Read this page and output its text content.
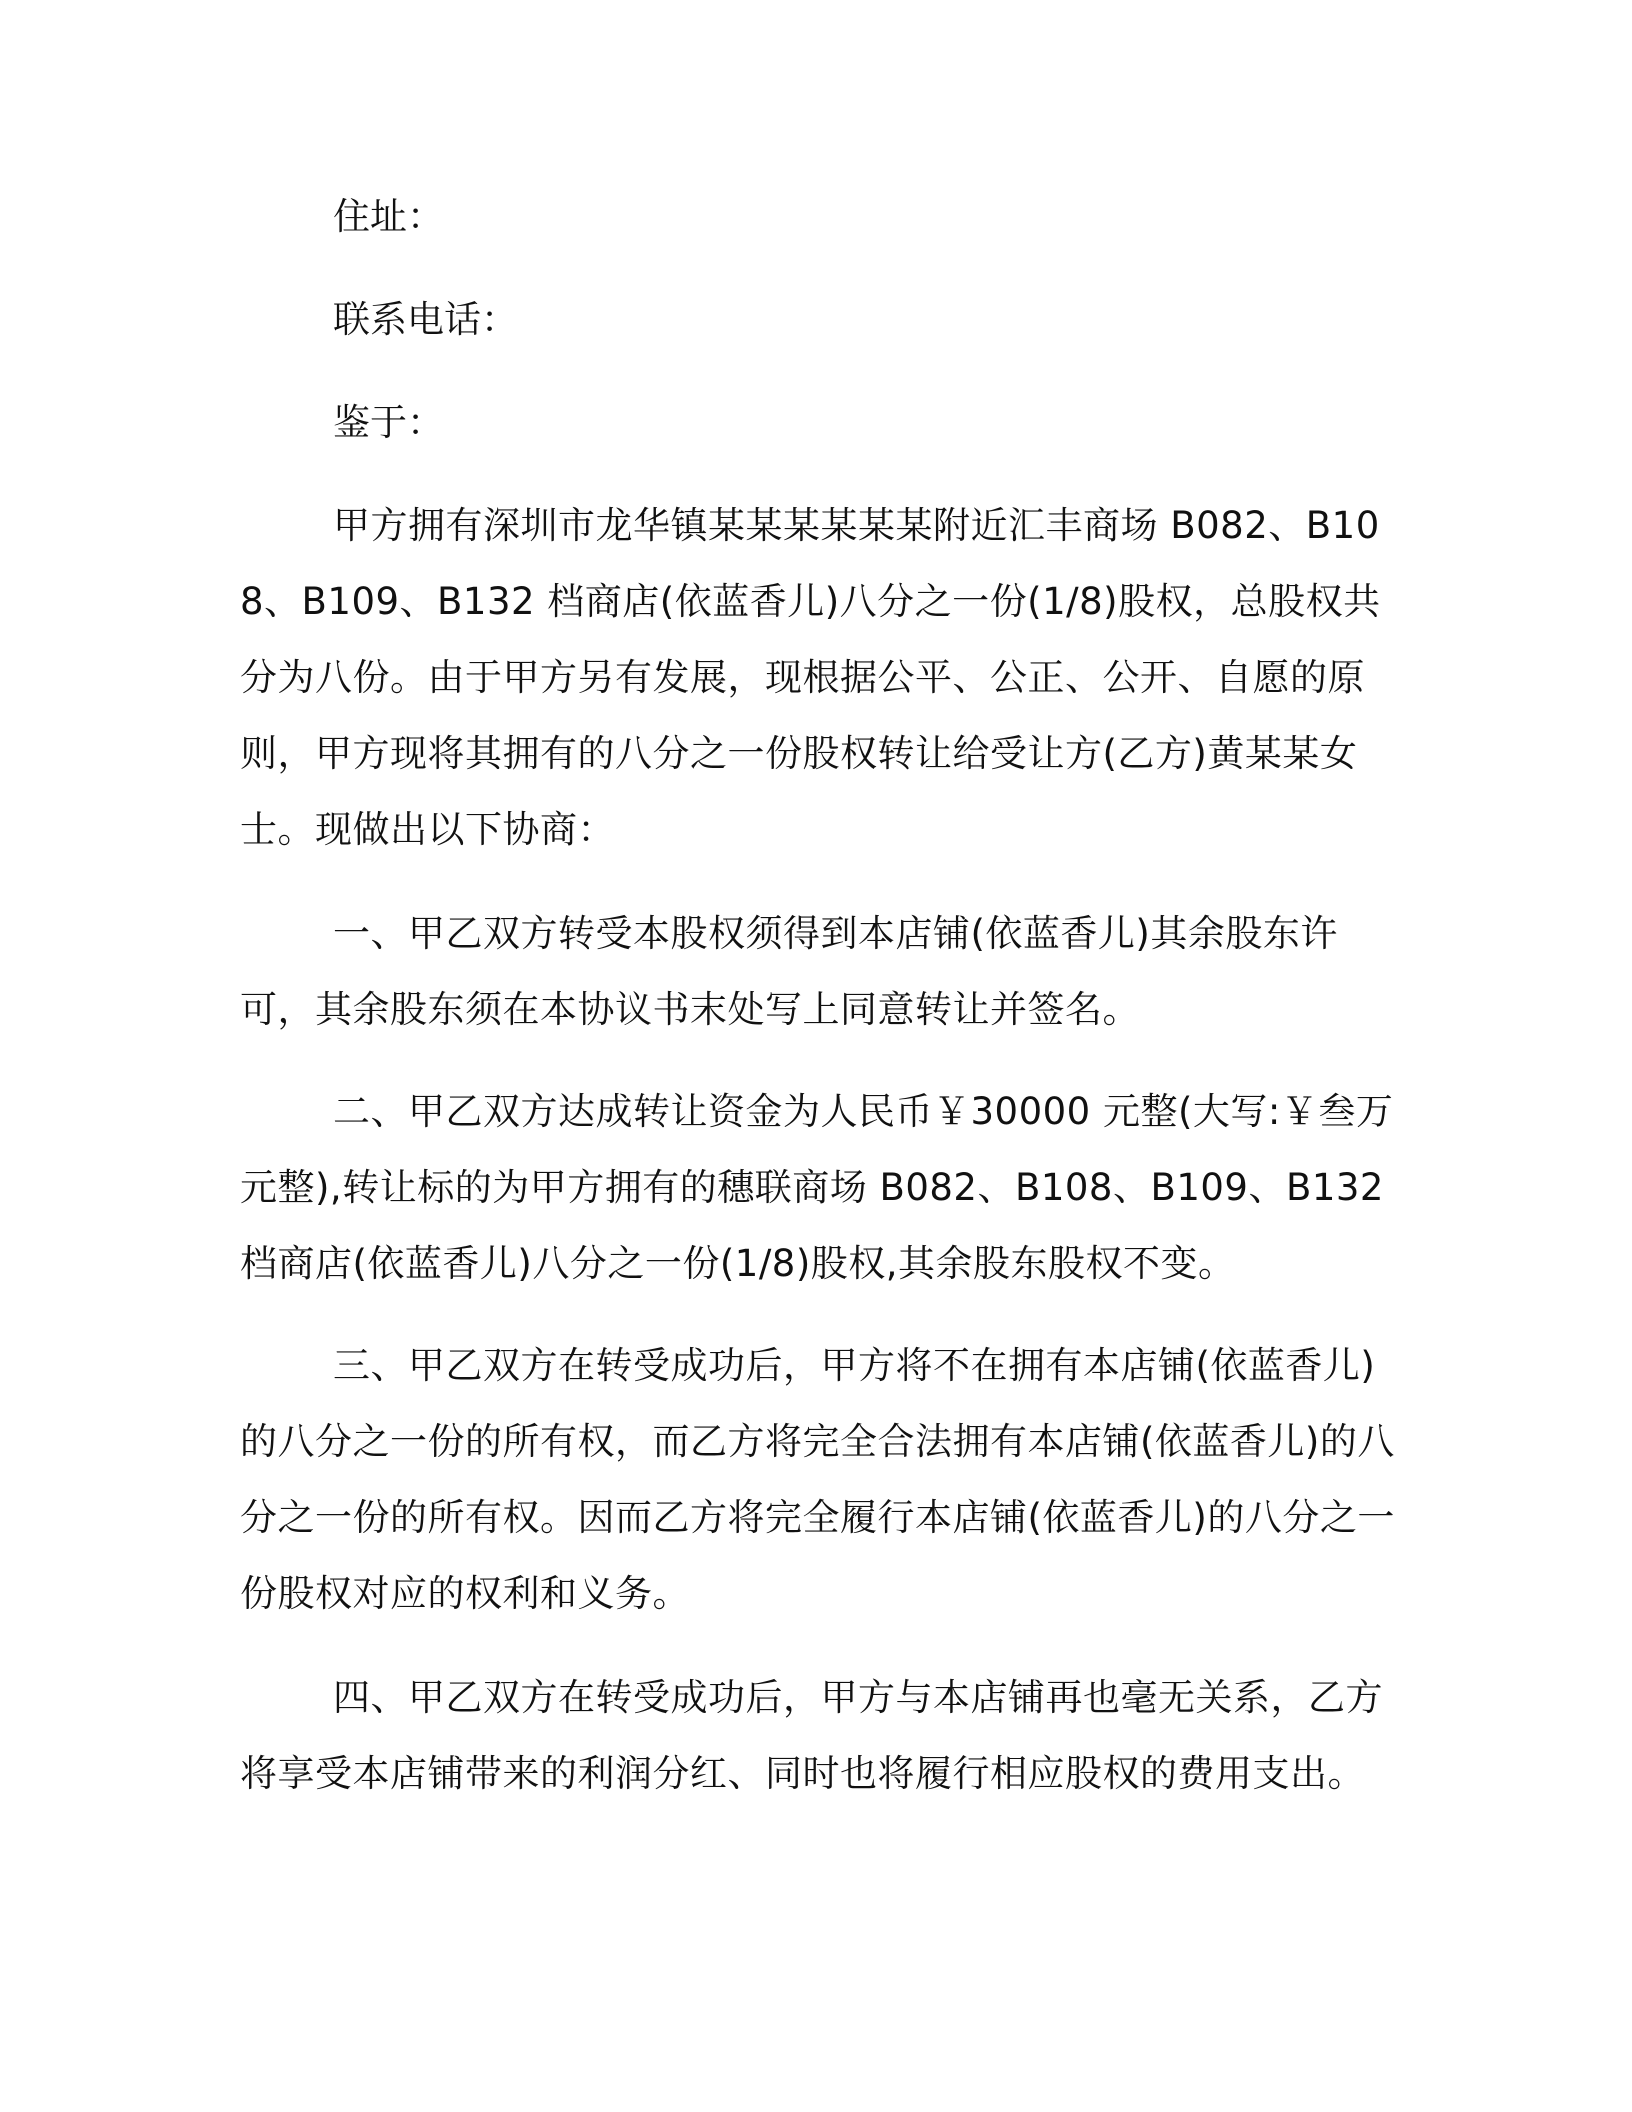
住址：

联系电话：

鉴于：

甲方拥有深圳市龙华镇某某某某某某附近汇丰商场 B082、B108、B109、B132 档商店(依蓝香儿)八分之一份(1/8)股权，总股权共分为八份。由于甲方另有发展，现根据公平、公正、公开、自愿的原则，甲方现将其拥有的八分之一份股权转让给受让方(乙方)黄某某女士。现做出以下协商：

一、甲乙双方转受本股权须得到本店铺(依蓝香儿)其余股东许可，其余股东须在本协议书末处写上同意转让并签名。

二、甲乙双方达成转让资金为人民币￥30000 元整(大写:￥叁万元整),转让标的为甲方拥有的穗联商场 B082、B108、B109、B132 档商店(依蓝香儿)八分之一份(1/8)股权,其余股东股权不变。

三、甲乙双方在转受成功后，甲方将不在拥有本店铺(依蓝香儿)的八分之一份的所有权，而乙方将完全合法拥有本店铺(依蓝香儿)的八分之一份的所有权。因而乙方将完全履行本店铺(依蓝香儿)的八分之一份股权对应的权利和义务。

四、甲乙双方在转受成功后，甲方与本店铺再也毫无关系，乙方将享受本店铺带来的利润分红、同时也将履行相应股权的费用支出。
